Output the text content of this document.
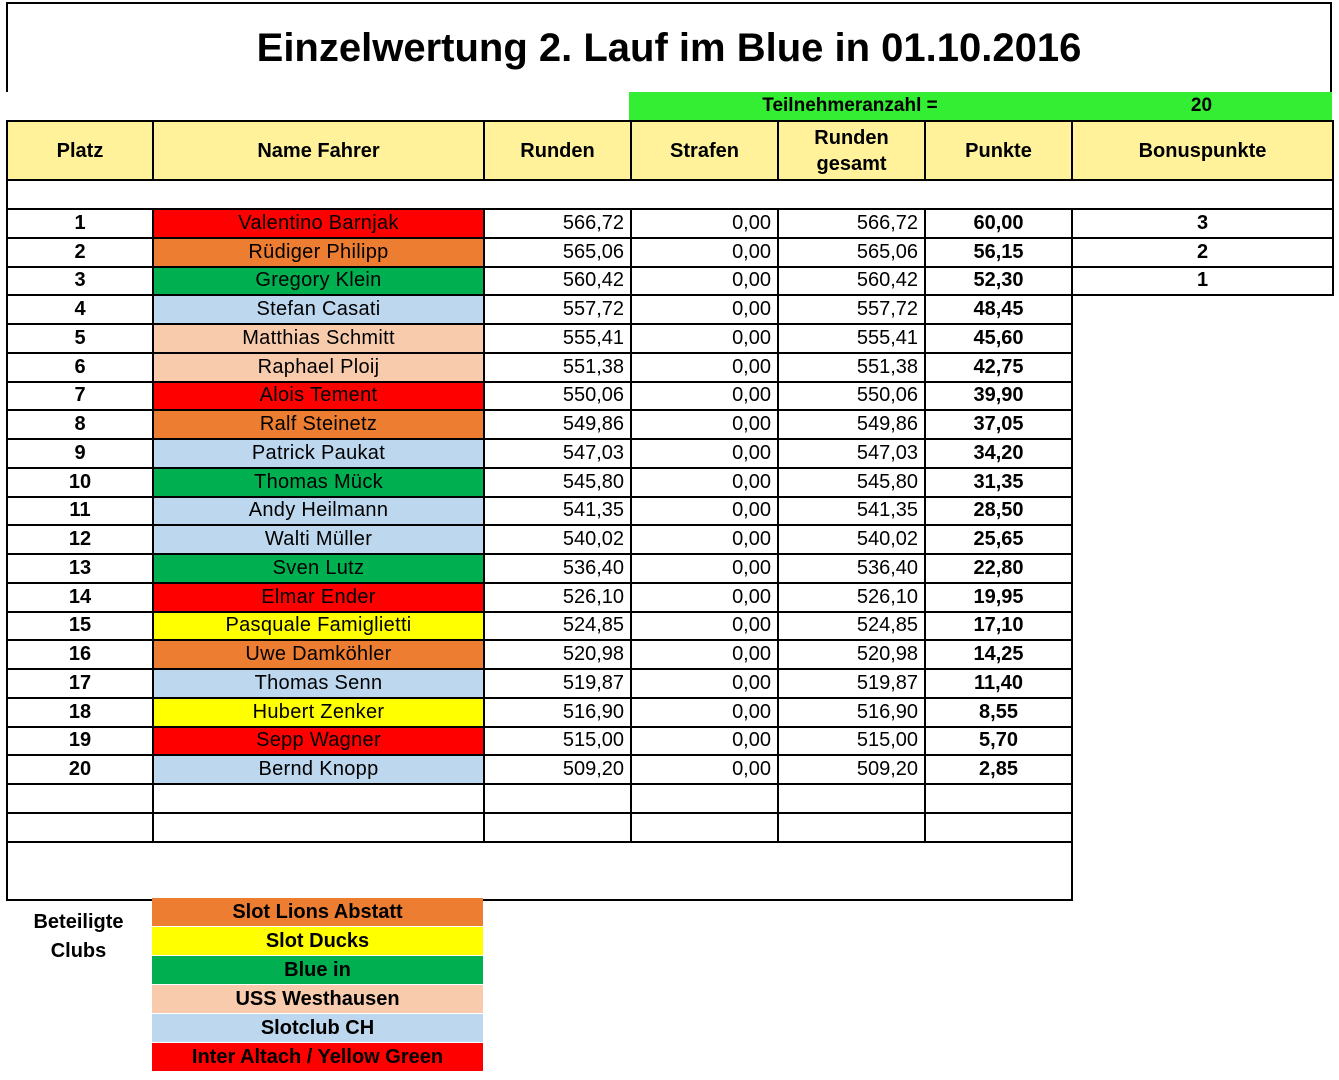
Einzelwertung 2. Lauf im Blue in 01.10.2016
Teilnehmeranzahl =	20
Platz	Name Fahrer	Runden	Strafen	Runden
gesamt	Punkte	Bonuspunkte

1	Valentino Barnjak	566,72	0,00	566,72	60,00	3
2	Rüdiger Philipp	565,06	0,00	565,06	56,15	2
3	Gregory Klein	560,42	0,00	560,42	52,30	1
4	Stefan Casati	557,72	0,00	557,72	48,45	
5	Matthias Schmitt	555,41	0,00	555,41	45,60	
6	Raphael Ploij	551,38	0,00	551,38	42,75	
7	Alois Tement	550,06	0,00	550,06	39,90	
8	Ralf Steinetz	549,86	0,00	549,86	37,05	
9	Patrick Paukat	547,03	0,00	547,03	34,20	
10	Thomas Mück	545,80	0,00	545,80	31,35	
11	Andy Heilmann	541,35	0,00	541,35	28,50	
12	Walti Müller	540,02	0,00	540,02	25,65	
13	Sven Lutz	536,40	0,00	536,40	22,80	
14	Elmar Ender	526,10	0,00	526,10	19,95	
15	Pasquale Famiglietti	524,85	0,00	524,85	17,10	
16	Uwe Damköhler	520,98	0,00	520,98	14,25	
17	Thomas Senn	519,87	0,00	519,87	11,40	
18	Hubert Zenker	516,90	0,00	516,90	8,55	
19	Sepp Wagner	515,00	0,00	515,00	5,70	
20	Bernd Knopp	509,20	0,00	509,20	2,85	

Beteiligte
Clubs
Slot Lions Abstatt
Slot Ducks
Blue in
USS Westhausen
Slotclub CH
Inter Altach / Yellow Green
